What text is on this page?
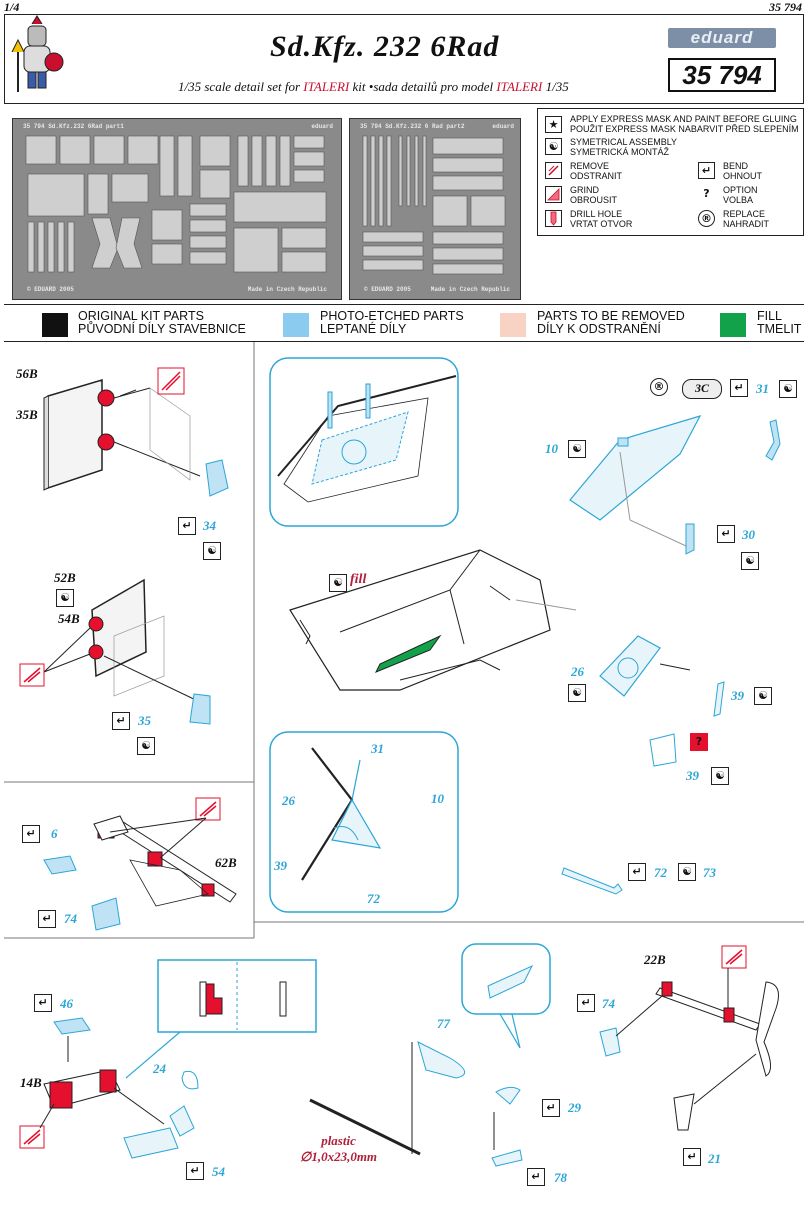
1/4	35 794
Sd.Kfz. 232 6Rad
1/35 scale detail set for ITALERI kit •sada detailů pro model ITALERI 1/35
eduard
35 794
35 794 Sd.Kfz.232 6Rad part1	eduard
© EDUARD 2005	Made in Czech Republic
35 794 Sd.Kfz.232 6 Rad part2	eduard
© EDUARD 2005	Made in Czech Republic
★	APPLY EXPRESS MASK AND PAINT BEFORE GLUING
POUŽIT EXPRESS MASK NABARVIT PŘED SLEPENÍM
☯	SYMETRICAL ASSEMBLY
SYMETRICKÁ MONTÁŽ
REMOVE
ODSTRANIT
GRIND
OBROUSIT
DRILL HOLE
VRTAT OTVOR
↵	BEND
OHNOUT
?	OPTION
VOLBA
®	REPLACE
NAHRADIT
ORIGINAL KIT PARTS
PŮVODNÍ DÍLY STAVEBNICE
PHOTO-ETCHED PARTS
LEPTANÉ DÍLY
PARTS TO BE REMOVED
DÍLY K ODSTRANĚNÍ
FILL
TMELIT
56B
35B
↵ 34
☯
52B
☯
54B
↵ 35
☯
↵	6
62B
↵ 74
☯ fill
®	3C	↵ 31	☯
10	☯
↵ 30
☯
26
☯	39	☯
?
39	☯
31
26	10
39
72
↵ 72	☯ 73
↵ 46
14B
24
↵ 54
77
plastic
∅1,0x23,0mm
↵ 29
↵	78
22B
↵ 74
↵ 21
